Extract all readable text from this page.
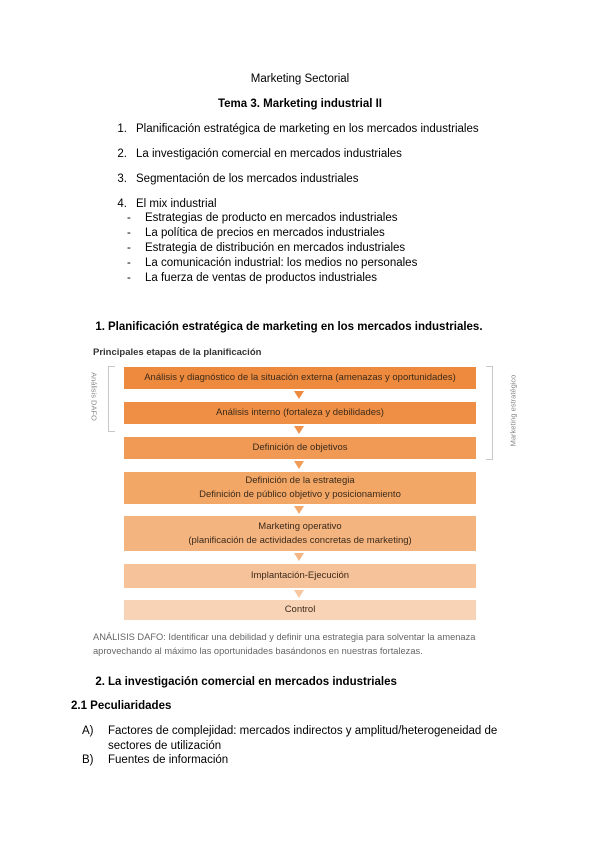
Marketing Sectorial
Tema 3. Marketing industrial II
1. Planificación estratégica de marketing en los mercados industriales
2. La investigación comercial en mercados industriales
3. Segmentación de los mercados industriales
4. El mix industrial
- Estrategias de producto en mercados industriales
- La política de precios en mercados industriales
- Estrategia de distribución en mercados industriales
- La comunicación industrial: los medios no personales
- La fuerza de ventas de productos industriales
1. Planificación estratégica de marketing en los mercados industriales.
Principales etapas de la planificación
Análisis DAFO	Marketing estratégico
Análisis y diagnóstico de la situación externa (amenazas y oportunidades)
Análisis interno (fortaleza y debilidades)
Definición de objetivos
Definición de la estrategia
Definición de público objetivo y posicionamiento
Marketing operativo
(planificación de actividades concretas de marketing)
Implantación-Ejecución
Control
ANÁLISIS DAFO: Identificar una debilidad y definir una estrategia para solventar la amenaza
aprovechando al máximo las oportunidades basándonos en nuestras fortalezas.
2. La investigación comercial en mercados industriales
2.1 Peculiaridades
A)	Factores de complejidad: mercados indirectos y amplitud/heterogeneidad de
sectores de utilización
B)	Fuentes de información
